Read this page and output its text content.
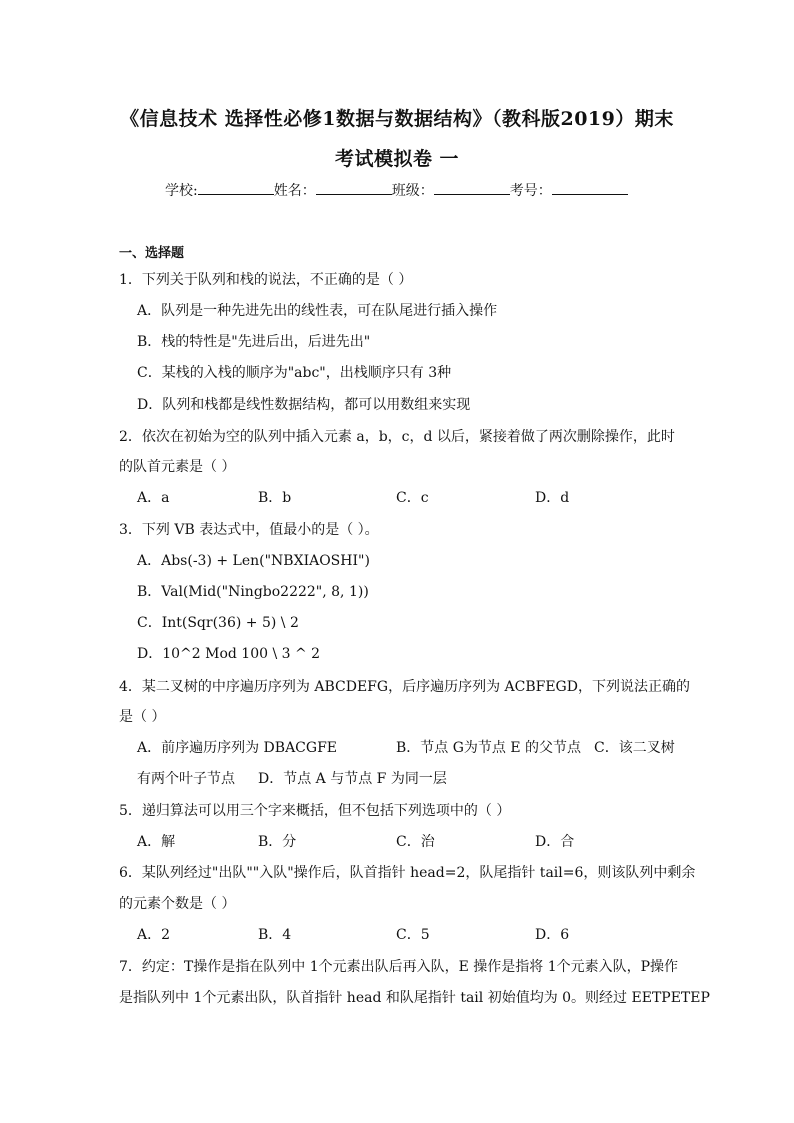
《信息技术 选择性必修1数据与数据结构》（教科版2019）期末
考试模拟卷 一
学校:	姓名：	班级：	考号：
一、选择题
1．下列关于队列和栈的说法，不正确的是（ ）
A．队列是一种先进先出的线性表，可在队尾进行插入操作
B．栈的特性是"先进后出，后进先出"
C．某栈的入栈的顺序为"abc"，出栈顺序只有 3种
D．队列和栈都是线性数据结构，都可以用数组来实现
2．依次在初始为空的队列中插入元素 a，b，c，d 以后，紧接着做了两次删除操作，此时
的队首元素是（ ）
A．a	B．b	C．c	D．d
3．下列 VB 表达式中，值最小的是（ ）。
A．Abs(-3) + Len("NBXIAOSHI")
B．Val(Mid("Ningbo2222", 8, 1))
C．Int(Sqr(36) + 5) \ 2
D．10^2 Mod 100 \ 3 ^ 2
4．某二叉树的中序遍历序列为 ABCDEFG，后序遍历序列为 ACBFEGD，下列说法正确的
是（ ）
A．前序遍历序列为 DBACGFE	B．节点 G为节点 E 的父节点 C．该二叉树
有两个叶子节点 D．节点 A 与节点 F 为同一层
5．递归算法可以用三个字来概括，但不包括下列选项中的（ ）
A．解	B．分	C．治	D．合
6．某队列经过"出队""入队"操作后，队首指针 head=2，队尾指针 tail=6，则该队列中剩余
的元素个数是（ ）
A．2	B．4	C．5	D．6
7．约定：T操作是指在队列中 1个元素出队后再入队，E 操作是指将 1个元素入队，P操作
是指队列中 1个元素出队，队首指针 head 和队尾指针 tail 初始值均为 0。则经过 EETPETEP
